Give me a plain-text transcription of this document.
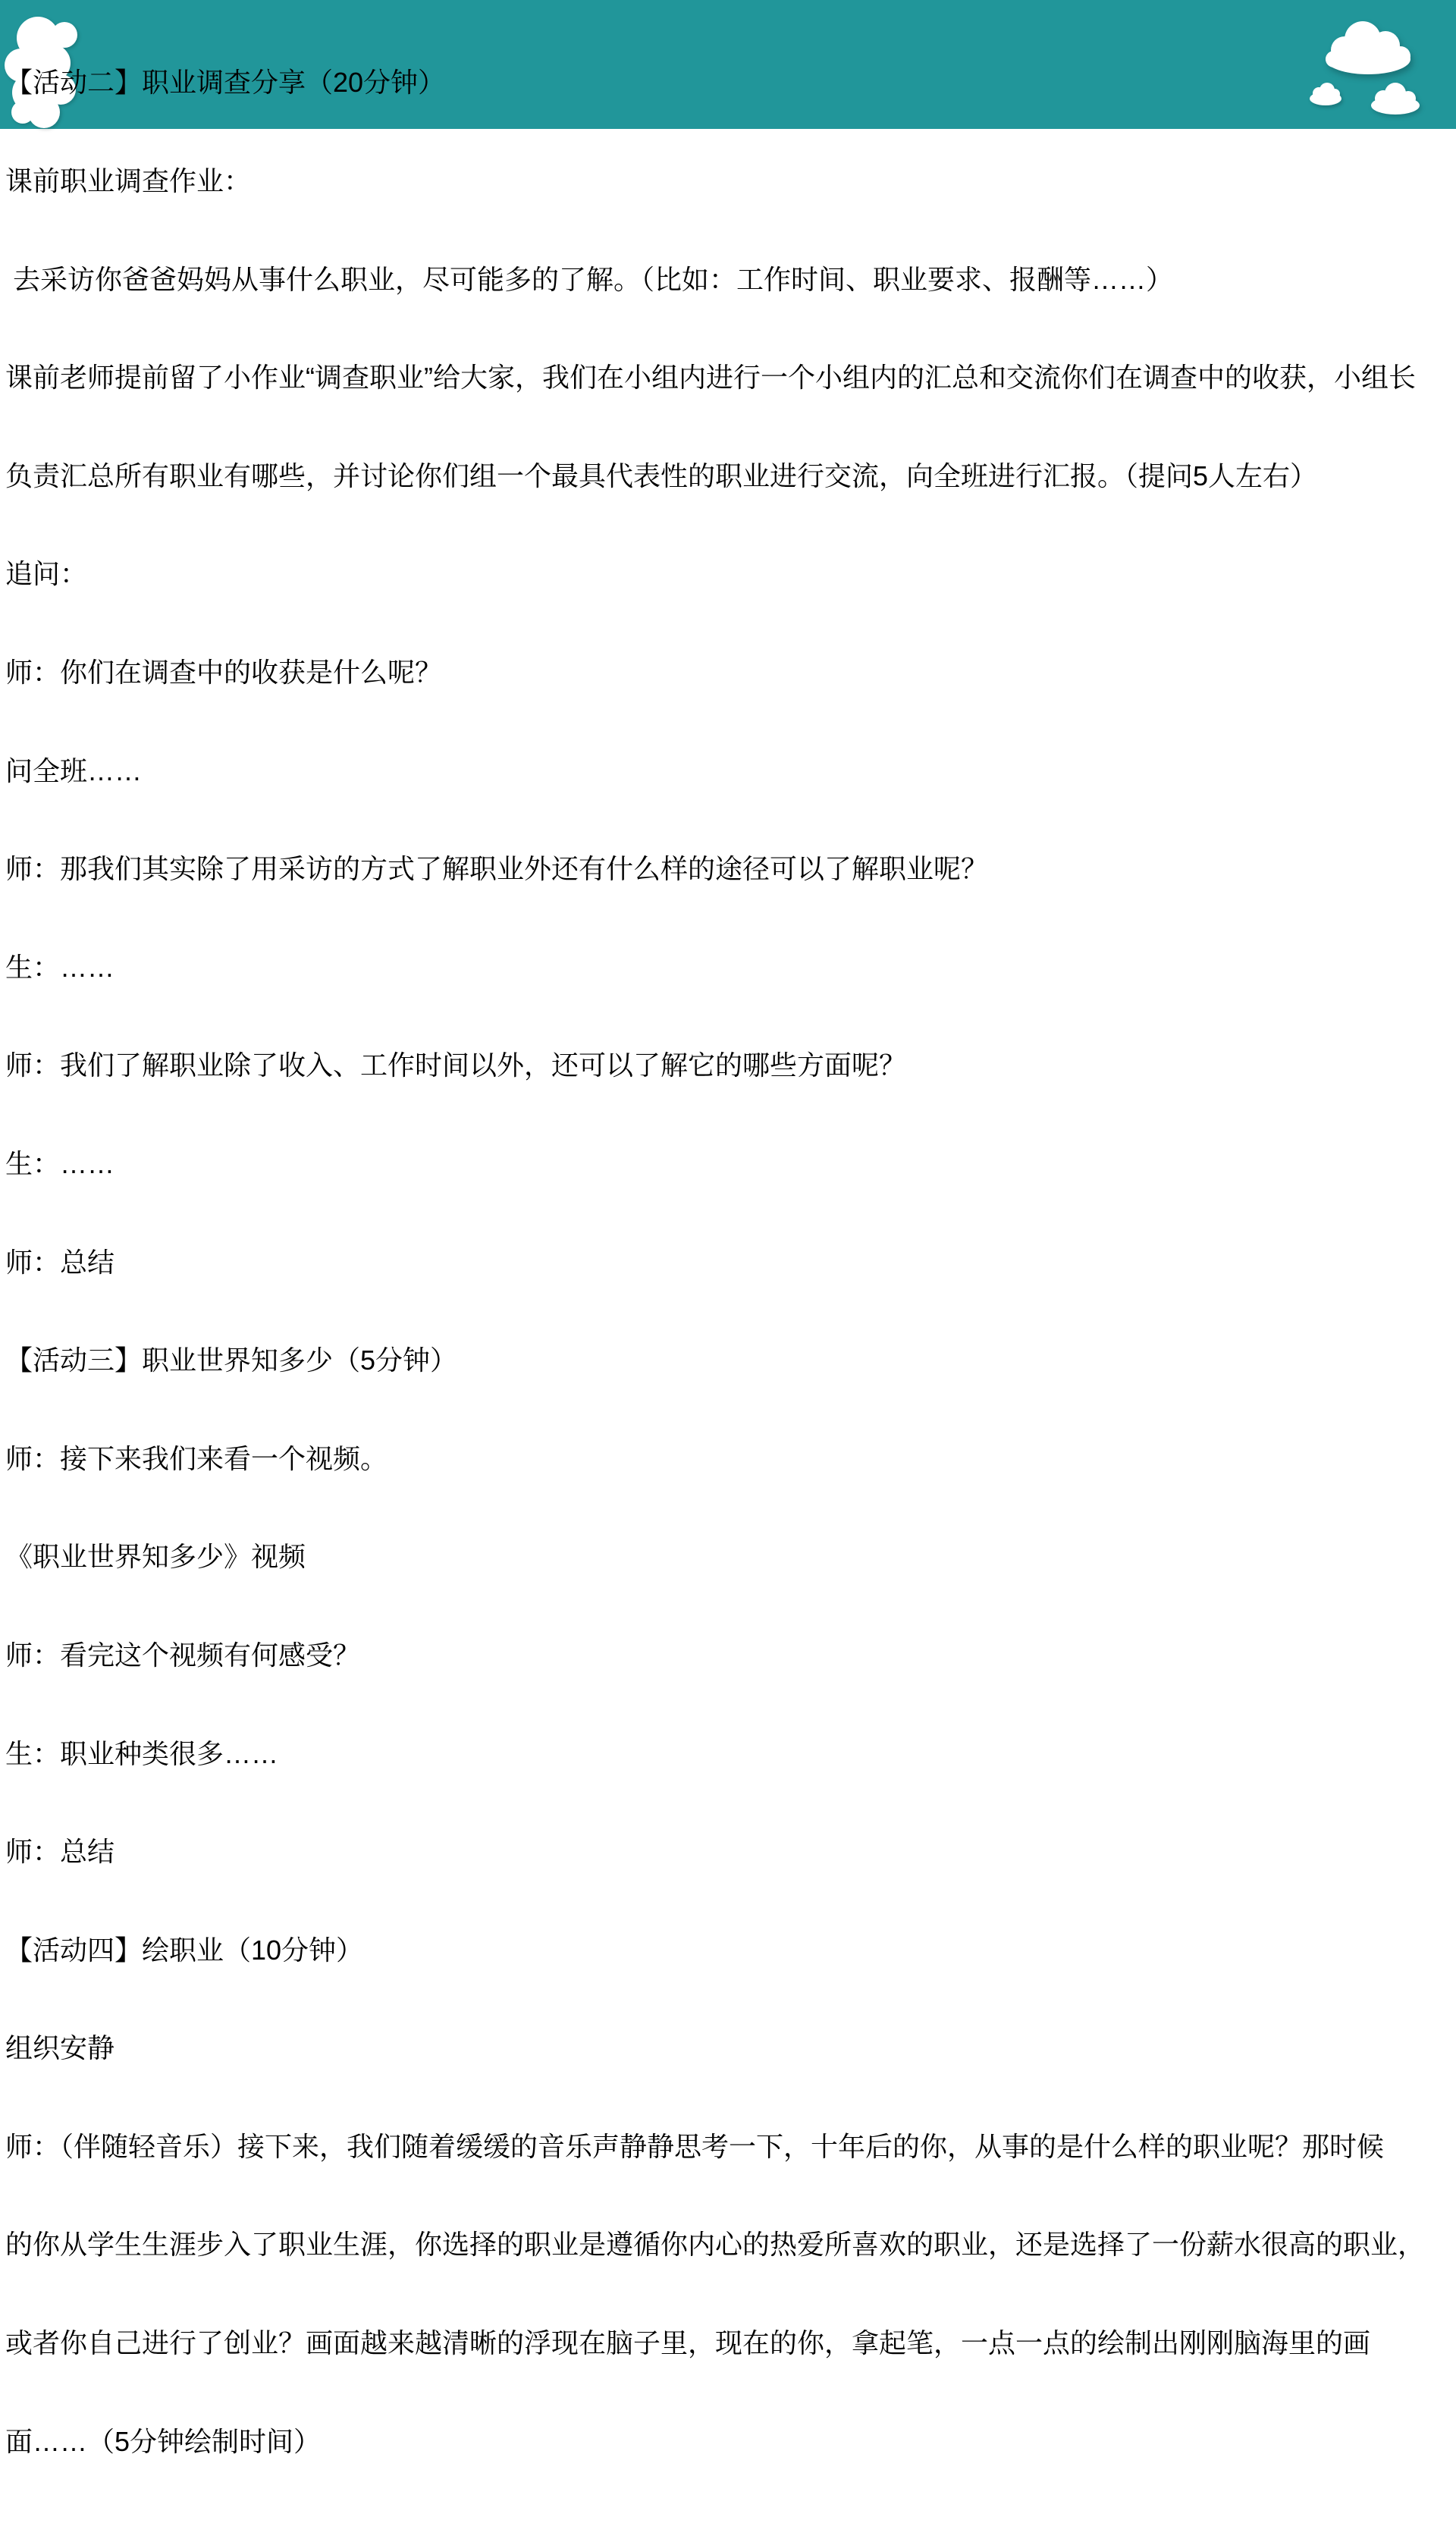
【活动二】职业调查分享（20分钟）

课前职业调查作业：

去采访你爸爸妈妈从事什么职业，尽可能多的了解。（比如：工作时间、职业要求、报酬等……）

课前老师提前留了小作业“调查职业”给大家，我们在小组内进行一个小组内的汇总和交流你们在调查中的收获，小组长

负责汇总所有职业有哪些，并讨论你们组一个最具代表性的职业进行交流，向全班进行汇报。（提问5人左右）

追问：

师：你们在调查中的收获是什么呢？

问全班……

师：那我们其实除了用采访的方式了解职业外还有什么样的途径可以了解职业呢？

生：……

师：我们了解职业除了收入、工作时间以外，还可以了解它的哪些方面呢？

生：……

师：总结

【活动三】职业世界知多少（5分钟）

师：接下来我们来看一个视频。

《职业世界知多少》视频

师：看完这个视频有何感受？

生：职业种类很多……

师：总结

【活动四】绘职业（10分钟）

组织安静

师：（伴随轻音乐）接下来，我们随着缓缓的音乐声静静思考一下，十年后的你，从事的是什么样的职业呢？那时候

的你从学生生涯步入了职业生涯，你选择的职业是遵循你内心的热爱所喜欢的职业，还是选择了一份薪水很高的职业，

或者你自己进行了创业？画面越来越清晰的浮现在脑子里，现在的你，拿起笔，一点一点的绘制出刚刚脑海里的画

面……（5分钟绘制时间）
